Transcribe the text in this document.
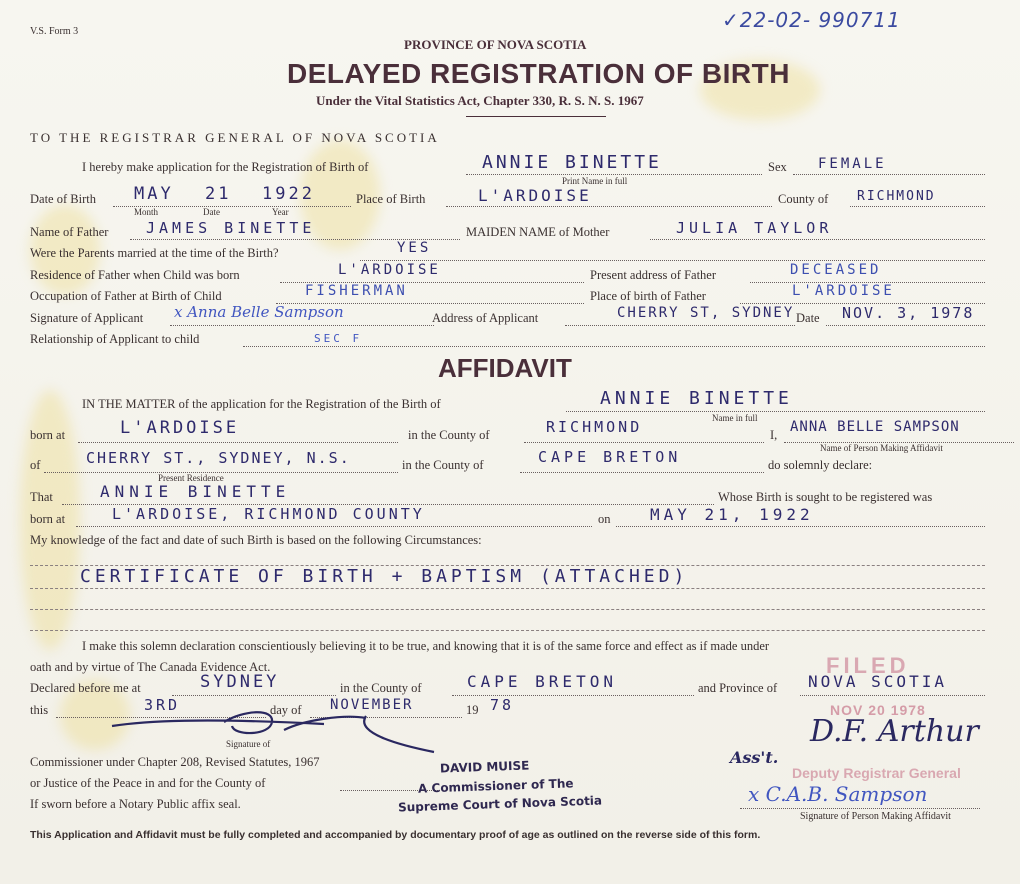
V.S. Form 3	✓22-02- 990711
PROVINCE OF NOVA SCOTIA
DELAYED REGISTRATION OF BIRTH
Under the Vital Statistics Act, Chapter 330, R. S. N. S. 1967
TO THE REGISTRAR GENERAL OF NOVA SCOTIA
I hereby make application for the Registration of Birth of	ANNIE BINETTE
Print Name in full
Sex FEMALE
Date of Birth MAY 21 1922
Month	Date	Year
Place of Birth	L'ARDOISE	County of RICHMOND
Name of Father	JAMES BINETTE	MAIDEN NAME of Mother	JULIA TAYLOR
Were the Parents married at the time of the Birth?	YES
Residence of Father when Child was born	L'ARDOISE	Present address of Father	DECEASED
Occupation of Father at Birth of Child	FISHERMAN	Place of birth of Father	L'ARDOISE
Signature of Applicant x Anna Belle Sampson	Address of Applicant	CHERRY ST, SYDNEY Date NOV. 3, 1978
Relationship of Applicant to child	SEC F
AFFIDAVIT
IN THE MATTER of the application for the Registration of the Birth of	ANNIE BINETTE
Name in full
born at	L'ARDOISE	in the County of	RICHMOND	I, ANNA BELLE SAMPSON
Name of Person Making Affidavit
of	CHERRY ST., SYDNEY, N.S.
Present Residence
in the County of	CAPE BRETON	do solemnly declare:
That	ANNIE BINETTE	Whose Birth is sought to be registered was
born at	L'ARDOISE, RICHMOND COUNTY	on MAY 21, 1922
My knowledge of the fact and date of such Birth is based on the following Circumstances:
CERTIFICATE OF BIRTH + BAPTISM (ATTACHED)
I make this solemn declaration conscientiously believing it to be true, and knowing that it is of the same force and effect as if made under
oath and by virtue of The Canada Evidence Act.
Declared before me at	SYDNEY	in the County of	CAPE BRETON	and Province of NOVA SCOTIA
this	3RD	day of NOVEMBER	19 78
Signature of
Commissioner under Chapter 208, Revised Statutes, 1967
or Justice of the Peace in and for the County of
If sworn before a Notary Public affix seal.
DAVID MUISE
A Commissioner of The
Supreme Court of Nova Scotia
FILED
NOV 20 1978
Deputy Registrar General
Ass't.
D.F. Arthur
x C.A.B. Sampson
Signature of Person Making Affidavit
This Application and Affidavit must be fully completed and accompanied by documentary proof of age as outlined on the reverse side of this form.
